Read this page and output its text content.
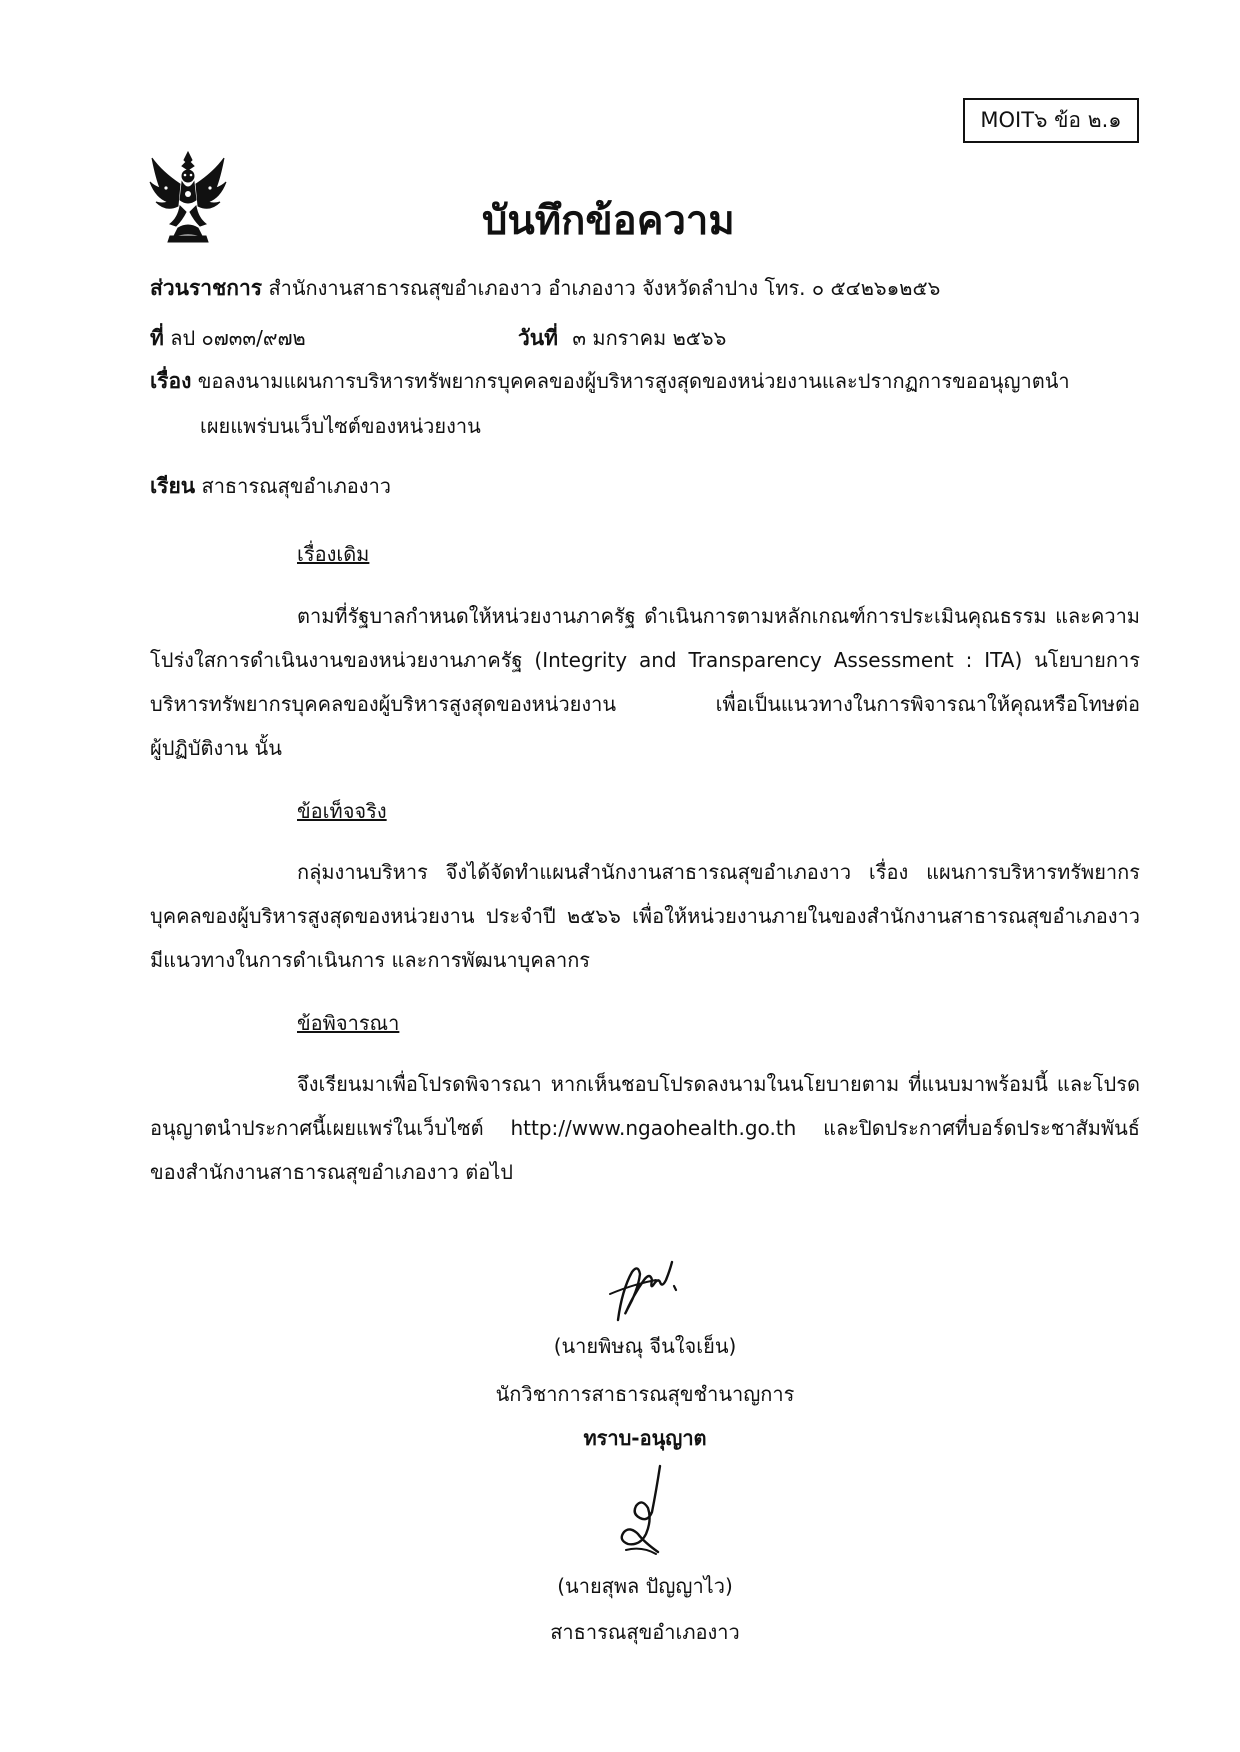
MOIT๖ ข้อ ๒.๑
บันทึกข้อความ
ส่วนราชการ สำนักงานสาธารณสุขอำเภองาว อำเภองาว จังหวัดลำปาง โทร. ๐ ๕๔๒๖๑๒๕๖
ที่ ลป ๐๗๓๓/๙๗๒	วันที่ ๓ มกราคม ๒๕๖๖
เรื่อง ขอลงนามแผนการบริหารทรัพยากรบุคคลของผู้บริหารสูงสุดของหน่วยงานและปรากฏการขออนุญาตนำ
เผยแพร่บนเว็บไซต์ของหน่วยงาน
เรียน สาธารณสุขอำเภองาว
เรื่องเดิม
ตามที่รัฐบาลกำหนดให้หน่วยงานภาครัฐ ดำเนินการตามหลักเกณฑ์การประเมินคุณธรรม และความ
โปร่งใสการดำเนินงานของหน่วยงานภาครัฐ (Integrity and Transparency Assessment : ITA) นโยบายการ
บริหารทรัพยากรบุคคลของผู้บริหารสูงสุดของหน่วยงาน เพื่อเป็นแนวทางในการพิจารณาให้คุณหรือโทษต่อ
ผู้ปฏิบัติงาน นั้น
ข้อเท็จจริง
กลุ่มงานบริหาร จึงได้จัดทำแผนสำนักงานสาธารณสุขอำเภองาว เรื่อง แผนการบริหารทรัพยากร
บุคคลของผู้บริหารสูงสุดของหน่วยงาน ประจำปี ๒๕๖๖ เพื่อให้หน่วยงานภายในของสำนักงานสาธารณสุขอำเภองาว
มีแนวทางในการดำเนินการ และการพัฒนาบุคลากร
ข้อพิจารณา
จึงเรียนมาเพื่อโปรดพิจารณา หากเห็นชอบโปรดลงนามในนโยบายตาม ที่แนบมาพร้อมนี้ และโปรด
อนุญาตนำประกาศนี้เผยแพร่ในเว็บไซต์ http://www.ngaohealth.go.th และปิดประกาศที่บอร์ดประชาสัมพันธ์
ของสำนักงานสาธารณสุขอำเภองาว ต่อไป
(นายพิษณุ จีนใจเย็น)
นักวิชาการสาธารณสุขชำนาญการ
ทราบ-อนุญาต
(นายสุพล ปัญญาไว)
สาธารณสุขอำเภองาว
